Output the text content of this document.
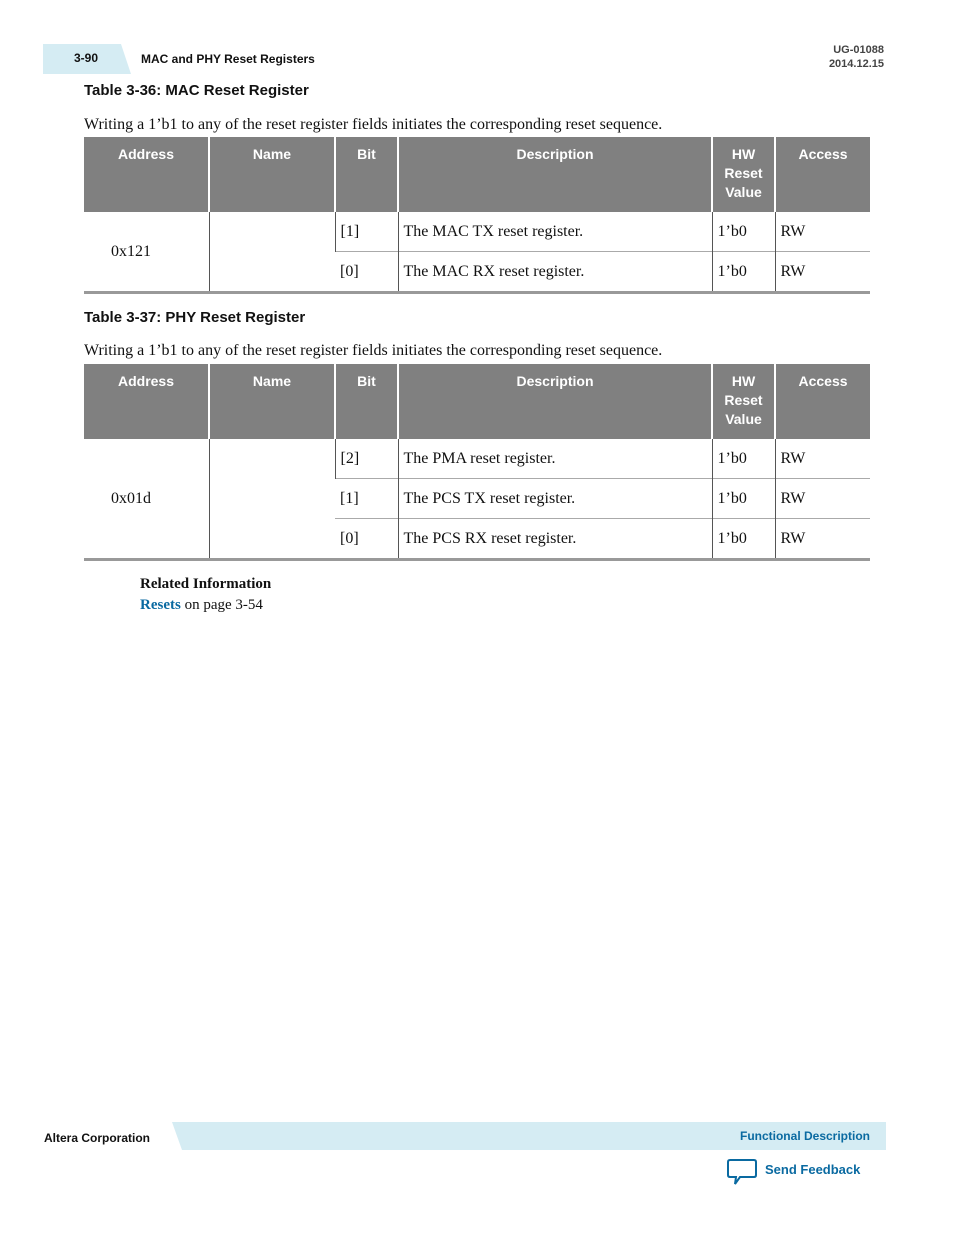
3-90	MAC and PHY Reset Registers
UG-01088
2014.12.15
Table 3-36: MAC Reset Register
Writing a 1’b1 to any of the reset register fields initiates the corresponding reset sequence.
Address	Name	Bit	Description	HW Reset Value	Access
0x121		[1]	The MAC TX reset register.	1’b0	RW
		[0]	The MAC RX reset register.	1’b0	RW
Table 3-37: PHY Reset Register
Writing a 1’b1 to any of the reset register fields initiates the corresponding reset sequence.
Address	Name	Bit	Description	HW Reset Value	Access
0x01d		[2]	The PMA reset register.	1’b0	RW
		[1]	The PCS TX reset register.	1’b0	RW
		[0]	The PCS RX reset register.	1’b0	RW
Related Information
Resets on page 3-54
Altera Corporation	Functional Description
Send Feedback
